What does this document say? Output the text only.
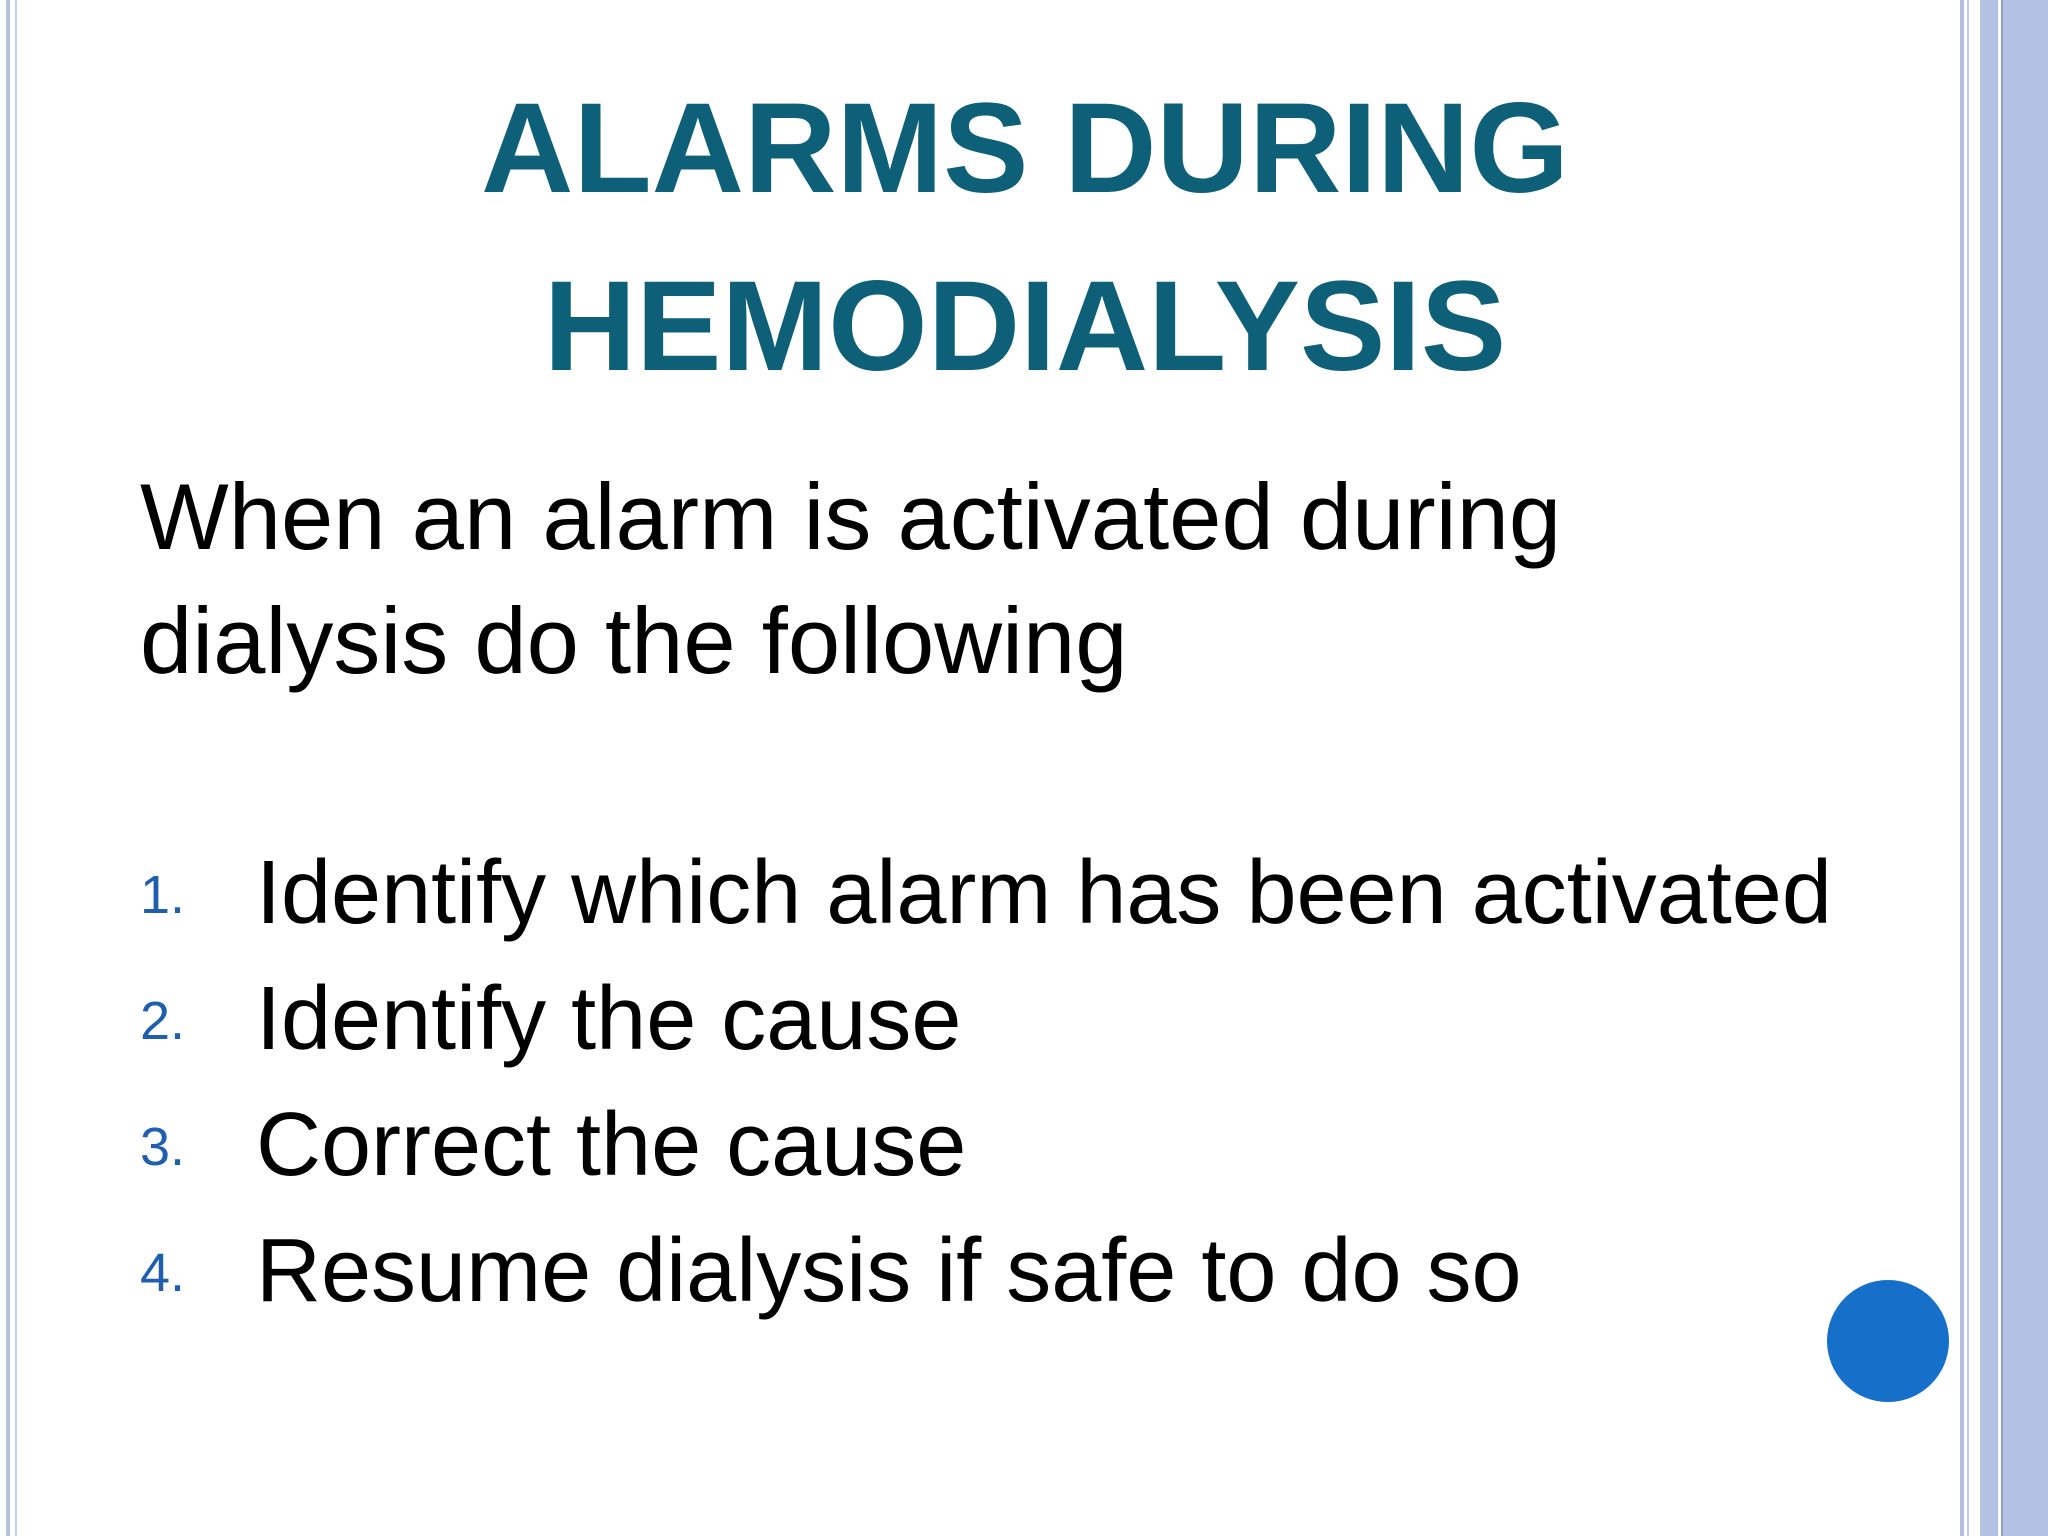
ALARMS DURING
HEMODIALYSIS

When an alarm is activated during dialysis do the following

1. Identify which alarm has been activated
2. Identify the cause
3. Correct the cause
4. Resume dialysis if safe to do so
